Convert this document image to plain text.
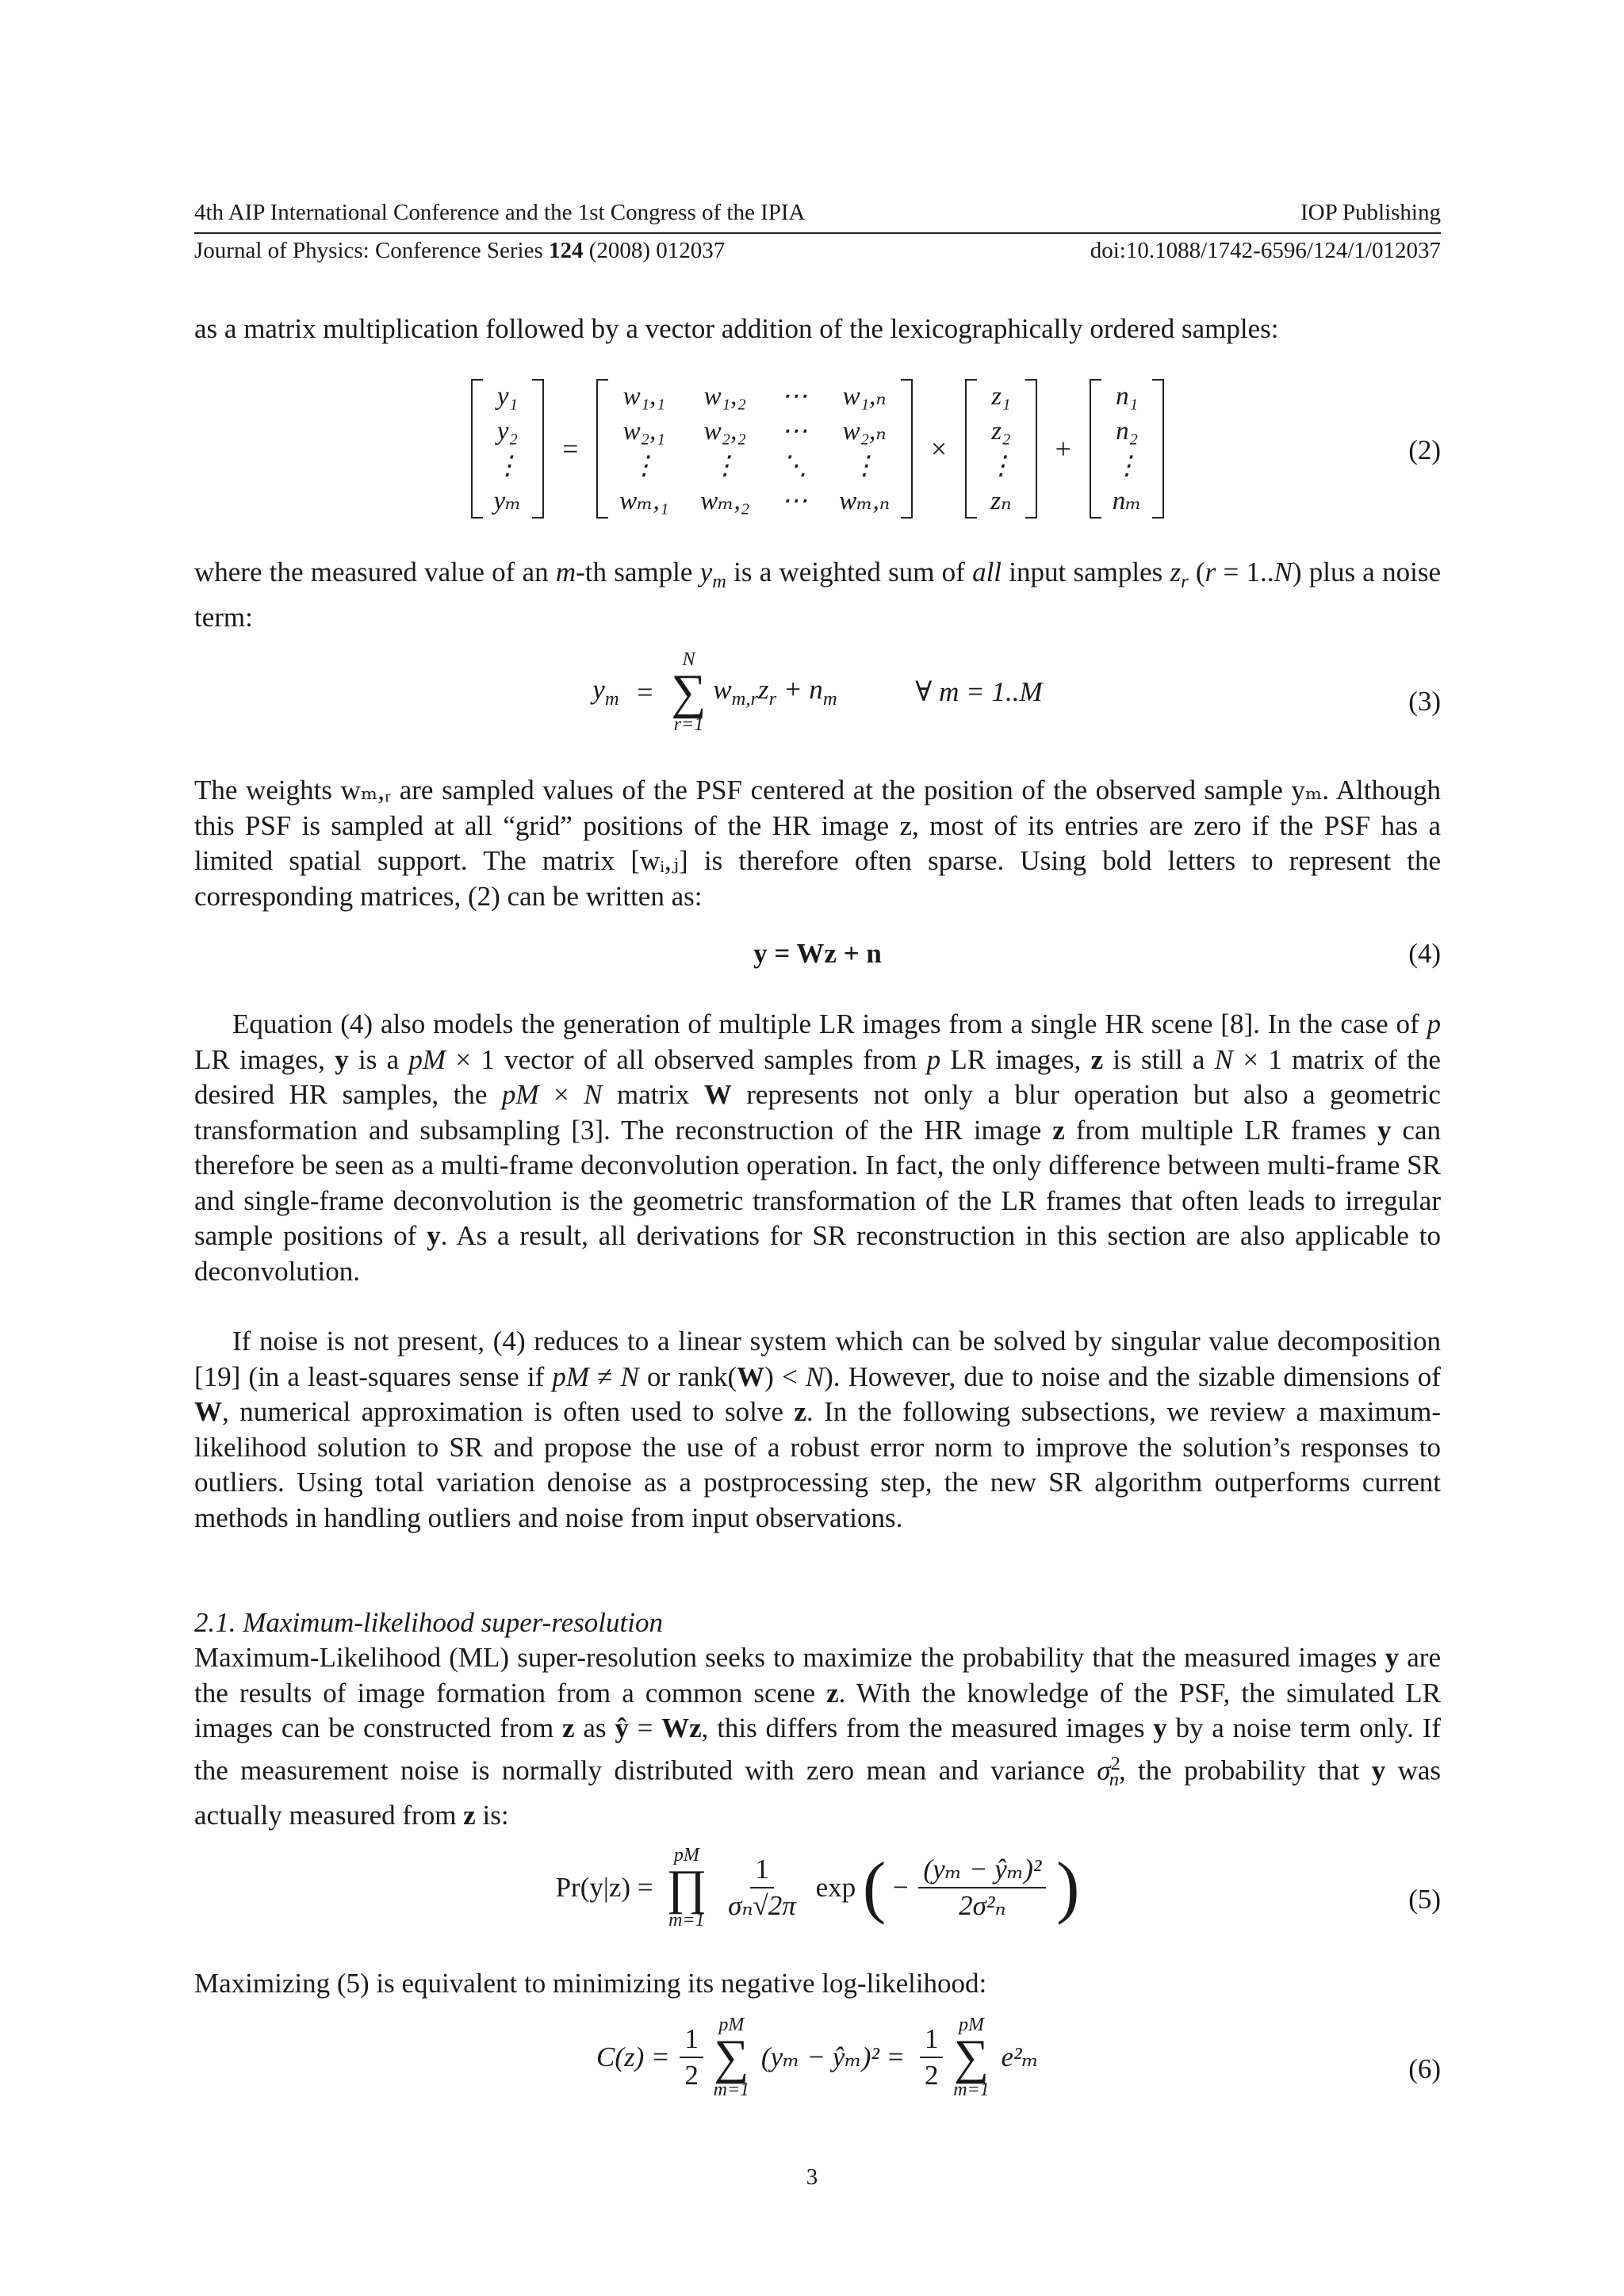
4th AIP International Conference and the 1st Congress of the IPIA	IOP Publishing
Journal of Physics: Conference Series 124 (2008) 012037	doi:10.1088/1742-6596/124/1/012037

as a matrix multiplication followed by a vector addition of the lexicographically ordered samples:

y₁
y₂
⋮
yₘ
=
w₁,₁ w₁,₂ ⋯ w₁,ₙ
w₂,₁ w₂,₂ ⋯ w₂,ₙ
⋮	⋮	⋱	⋮
wₘ,₁ wₘ,₂ ⋯ wₘ,ₙ
×
z₁
z₂
⋮
zₙ
+
n₁
n₂
⋮
nₘ
(2)

where the measured value of an m-th sample $y_m$ is a weighted sum of all input samples $z_r$ (r = 1..N) plus a noise term:

$y_m$ =
N
∑
r=1
$w_{m,r}z_r + n_m$	∀ m = 1..M	(3)

The weights wₘ,ᵣ are sampled values of the PSF centered at the position of the observed sample yₘ. Although this PSF is sampled at all “grid” positions of the HR image z, most of its entries are zero if the PSF has a limited spatial support. The matrix [wᵢ,ⱼ] is therefore often sparse. Using bold letters to represent the corresponding matrices, (2) can be written as:

y = Wz + n	(4)

Equation (4) also models the generation of multiple LR images from a single HR scene [8]. In the case of p LR images, y is a pM × 1 vector of all observed samples from p LR images, z is still a N × 1 matrix of the desired HR samples, the pM × N matrix W represents not only a blur operation but also a geometric transformation and subsampling [3]. The reconstruction of the HR image z from multiple LR frames y can therefore be seen as a multi-frame deconvolution operation. In fact, the only difference between multi-frame SR and single-frame deconvolution is the geometric transformation of the LR frames that often leads to irregular sample positions of y. As a result, all derivations for SR reconstruction in this section are also applicable to deconvolution.

If noise is not present, (4) reduces to a linear system which can be solved by singular value decomposition [19] (in a least-squares sense if pM ≠ N or rank(W) < N). However, due to noise and the sizable dimensions of W, numerical approximation is often used to solve z. In the following subsections, we review a maximum-likelihood solution to SR and propose the use of a robust error norm to improve the solution’s responses to outliers. Using total variation denoise as a postprocessing step, the new SR algorithm outperforms current methods in handling outliers and noise from input observations.

2.1. Maximum-likelihood super-resolution

Maximum-Likelihood (ML) super-resolution seeks to maximize the probability that the measured images y are the results of image formation from a common scene z. With the knowledge of the PSF, the simulated LR images can be constructed from z as ŷ = Wz, this differs from the measured images y by a noise term only. If the measurement noise is normally distributed with zero mean and variance $\sigma^2_n$, the probability that y was actually measured from z is:

Pr(y|z) =
pM
∏
m=1
$\frac{1}{\text{σₙ√2π}}$ exp ( − $\frac{\text{(yₘ − ŷₘ)²}}{\text{2σ²ₙ}}$ )	(5)

Maximizing (5) is equivalent to minimizing its negative log-likelihood:

$C(z) = \frac{1}{2}$
pM
∑
m=1
(yₘ − ŷₘ)² = $\frac{1}{2}$
pM
∑
m=1
e²ₘ	(6)
3
